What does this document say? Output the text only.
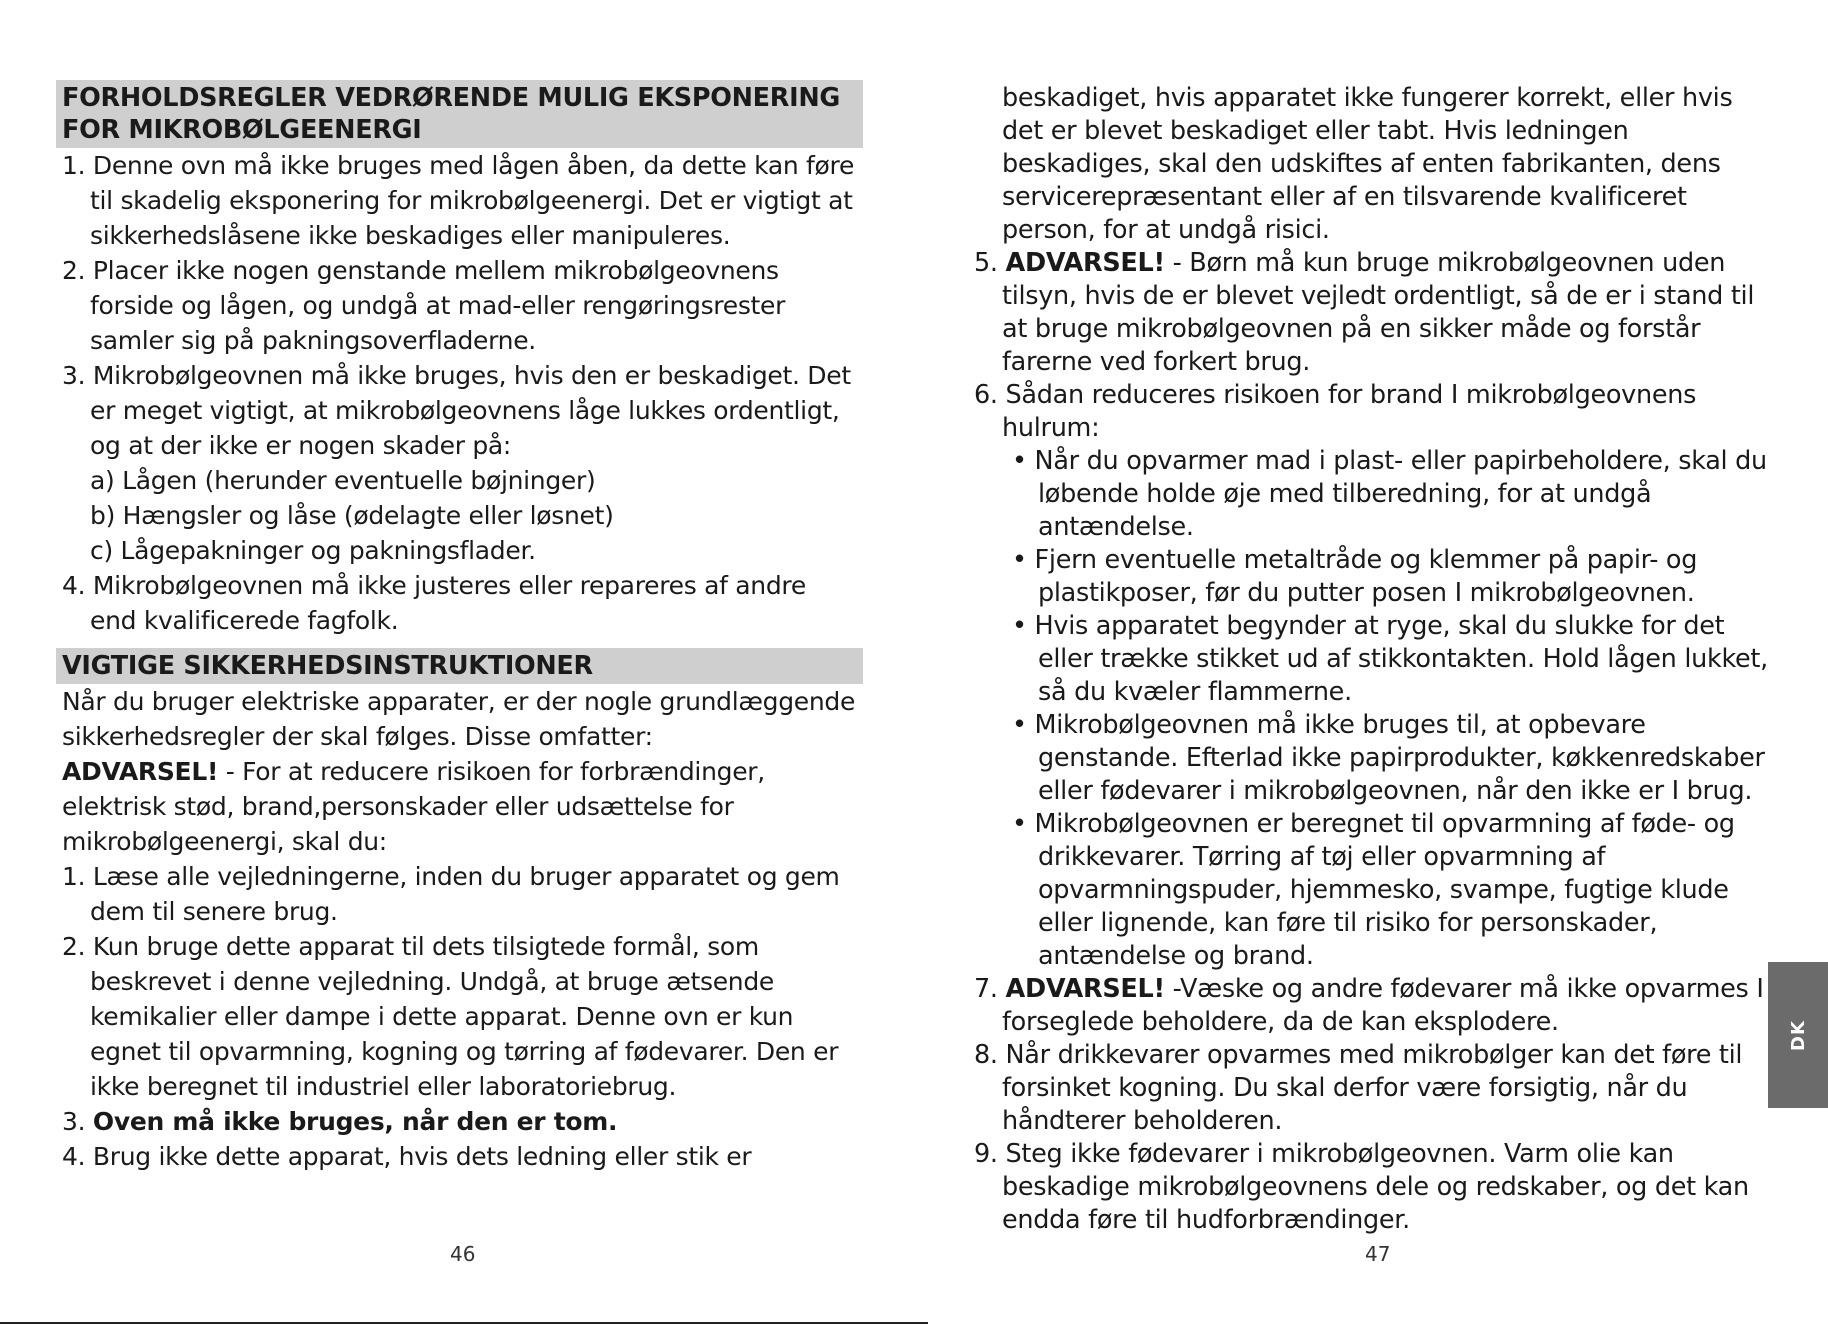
FORHOLDSREGLER VEDRØRENDE MULIG EKSPONERING FOR MIKROBØLGEENERGI
1. Denne ovn må ikke bruges med lågen åben, da dette kan føre til skadelig eksponering for mikrobølgeenergi. Det er vigtigt at sikkerhedslåsene ikke beskadiges eller manipuleres.
2. Placer ikke nogen genstande mellem mikrobølgeovnens forside og lågen, og undgå at mad-eller rengøringsrester samler sig på pakningsoverfladerne.
3. Mikrobølgeovnen må ikke bruges, hvis den er beskadiget. Det er meget vigtigt, at mikrobølgeovnens låge lukkes ordentligt, og at der ikke er nogen skader på:
a) Lågen (herunder eventuelle bøjninger)
b) Hængsler og låse (ødelagte eller løsnet)
c) Lågepakninger og pakningsflader.
4. Mikrobølgeovnen må ikke justeres eller repareres af andre end kvalificerede fagfolk.
VIGTIGE SIKKERHEDSINSTRUKTIONER
Når du bruger elektriske apparater, er der nogle grundlæggende sikkerhedsregler der skal følges. Disse omfatter:
ADVARSEL! - For at reducere risikoen for forbrændinger, elektrisk stød, brand,personskader eller udsættelse for mikrobølgeenergi, skal du:
1. Læse alle vejledningerne, inden du bruger apparatet og gem dem til senere brug.
2. Kun bruge dette apparat til dets tilsigtede formål, som beskrevet i denne vejledning. Undgå, at bruge ætsende kemikalier eller dampe i dette apparat. Denne ovn er kun egnet til opvarmning, kogning og tørring af fødevarer. Den er ikke beregnet til industriel eller laboratoriebrug.
3. Oven må ikke bruges, når den er tom.
4. Brug ikke dette apparat, hvis dets ledning eller stik er
46
beskadiget, hvis apparatet ikke fungerer korrekt, eller hvis det er blevet beskadiget eller tabt. Hvis ledningen beskadiges, skal den udskiftes af enten fabrikanten, dens servicerepræsentant eller af en tilsvarende kvalificeret person, for at undgå risici.
5. ADVARSEL! - Børn må kun bruge mikrobølgeovnen uden tilsyn, hvis de er blevet vejledt ordentligt, så de er i stand til at bruge mikrobølgeovnen på en sikker måde og forstår farerne ved forkert brug.
6. Sådan reduceres risikoen for brand I mikrobølgeovnens hulrum:
• Når du opvarmer mad i plast- eller papirbeholdere, skal du løbende holde øje med tilberedning, for at undgå antændelse.
• Fjern eventuelle metaltråde og klemmer på papir- og plastikposer, før du putter posen I mikrobølgeovnen.
• Hvis apparatet begynder at ryge, skal du slukke for det eller trække stikket ud af stikkontakten. Hold lågen lukket, så du kvæler flammerne.
• Mikrobølgeovnen må ikke bruges til, at opbevare genstande. Efterlad ikke papirprodukter, køkkenredskaber eller fødevarer i mikrobølgeovnen, når den ikke er I brug.
• Mikrobølgeovnen er beregnet til opvarmning af føde- og drikkevarer. Tørring af tøj eller opvarmning af opvarmningspuder, hjemmesko, svampe, fugtige klude eller lignende, kan føre til risiko for personskader, antændelse og brand.
7. ADVARSEL! -Væske og andre fødevarer må ikke opvarmes I forseglede beholdere, da de kan eksplodere.
8. Når drikkevarer opvarmes med mikrobølger kan det føre til forsinket kogning. Du skal derfor være forsigtig, når du håndterer beholderen.
9. Steg ikke fødevarer i mikrobølgeovnen. Varm olie kan beskadige mikrobølgeovnens dele og redskaber, og det kan endda føre til hudforbrændinger.
47
DK
